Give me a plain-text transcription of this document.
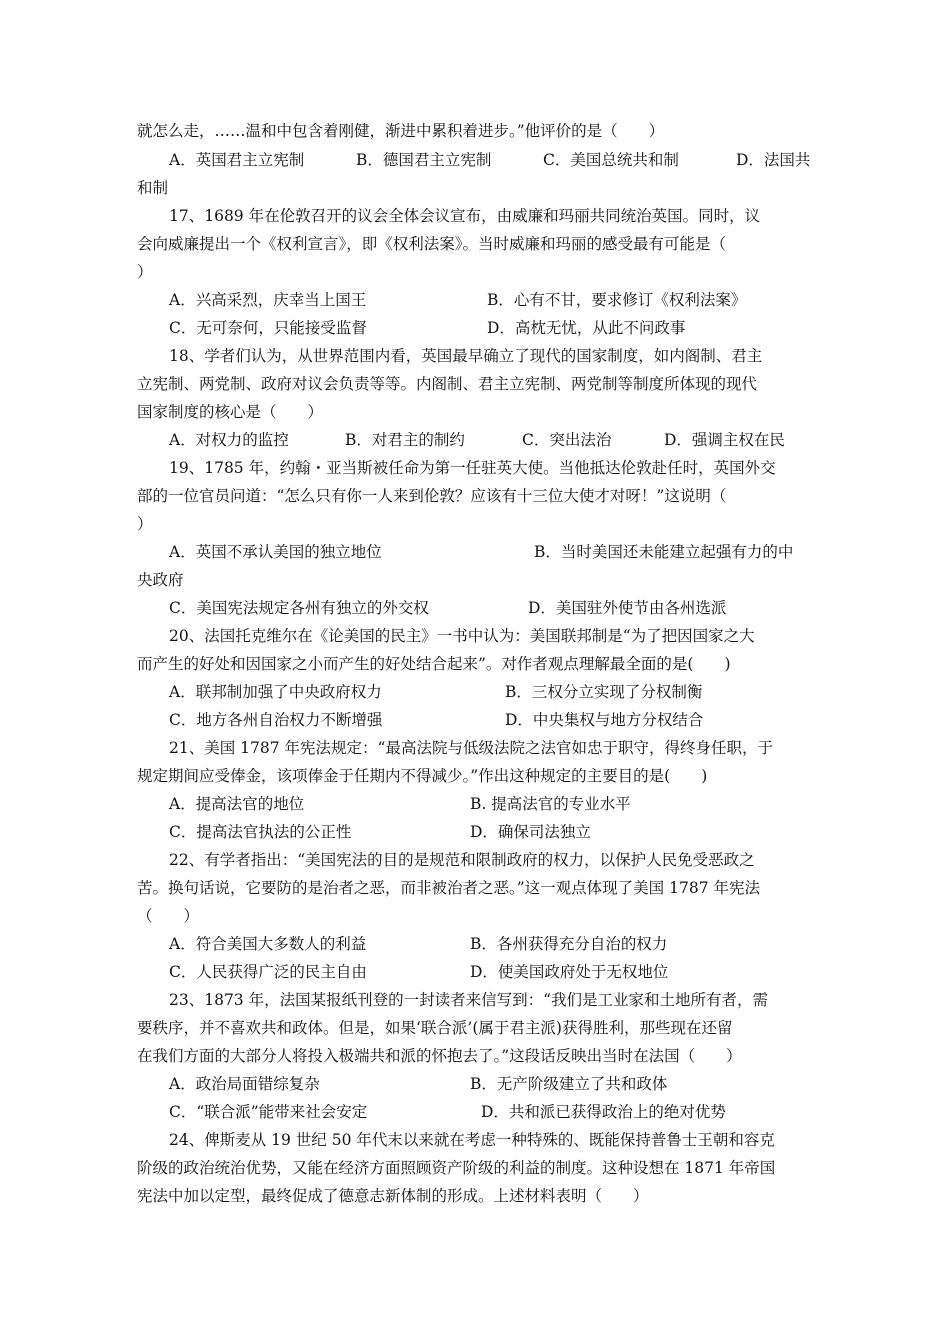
就怎么走，……温和中包含着刚健，渐进中累积着进步。”他评价的是（　　）
A．英国君主立宪制	B．德国君主立宪制	C．美国总统共和制	D．法国共
和制
17、1689 年在伦敦召开的议会全体会议宣布，由威廉和玛丽共同统治英国。同时，议
会向威廉提出一个《权利宣言》，即《权利法案》。当时威廉和玛丽的感受最有可能是（
）
A．兴高采烈，庆幸当上国王	B．心有不甘，要求修订《权利法案》
C．无可奈何，只能接受监督	D．高枕无忧，从此不问政事
18、学者们认为，从世界范围内看，英国最早确立了现代的国家制度，如内阁制、君主
立宪制、两党制、政府对议会负责等等。内阁制、君主立宪制、两党制等制度所体现的现代
国家制度的核心是（　　）
A．对权力的监控	B．对君主的制约	C．突出法治	D．强调主权在民
19、1785 年，约翰・亚当斯被任命为第一任驻英大使。当他抵达伦敦赴任时，英国外交
部的一位官员问道：“怎么只有你一人来到伦敦？应该有十三位大使才对呀！”这说明（
）
A．英国不承认美国的独立地位	B．当时美国还未能建立起强有力的中
央政府
C．美国宪法规定各州有独立的外交权	D．美国驻外使节由各州选派
20、法国托克维尔在《论美国的民主》一书中认为：美国联邦制是“为了把因国家之大
而产生的好处和因国家之小而产生的好处结合起来”。对作者观点理解最全面的是(　　)
A．联邦制加强了中央政府权力	B．三权分立实现了分权制衡
C．地方各州自治权力不断增强	D．中央集权与地方分权结合
21、美国 1787 年宪法规定：“最高法院与低级法院之法官如忠于职守，得终身任职，于
规定期间应受俸金，该项俸金于任期内不得减少。”作出这种规定的主要目的是(　　)
A．提高法官的地位	B. 提高法官的专业水平
C．提高法官执法的公正性	D．确保司法独立
22、有学者指出：“美国宪法的目的是规范和限制政府的权力，以保护人民免受恶政之
苦。换句话说，它要防的是治者之恶，而非被治者之恶。”这一观点体现了美国 1787 年宪法
（　　）
A．符合美国大多数人的利益	B．各州获得充分自治的权力
C．人民获得广泛的民主自由	D．使美国政府处于无权地位
23、1873 年，法国某报纸刊登的一封读者来信写到：“我们是工业家和土地所有者，需
要秩序，并不喜欢共和政体。但是，如果‘联合派’(属于君主派)获得胜利，那些现在还留
在我们方面的大部分人将投入极端共和派的怀抱去了。”这段话反映出当时在法国（　　）
A．政治局面错综复杂	B．无产阶级建立了共和政体
C．“联合派”能带来社会安定	D．共和派已获得政治上的绝对优势
24、俾斯麦从 19 世纪 50 年代末以来就在考虑一种特殊的、既能保持普鲁士王朝和容克
阶级的政治统治优势，又能在经济方面照顾资产阶级的利益的制度。这种设想在 1871 年帝国
宪法中加以定型，最终促成了德意志新体制的形成。上述材料表明（　　）
